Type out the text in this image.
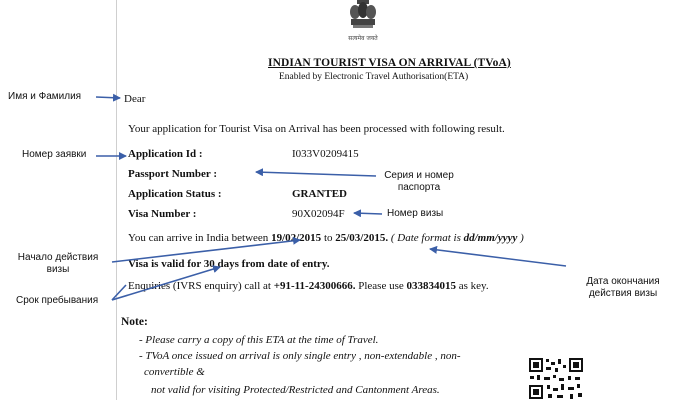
सत्यमेव जयते
INDIAN TOURIST VISA ON ARRIVAL (TVoA)
Enabled by Electronic Travel Authorisation(ETA)
Dear
Your application for Tourist Visa on Arrival has been processed with following result.
Application Id :	I033V0209415
Passport Number :
Application Status :	GRANTED
Visa Number :	90X02094F
You can arrive in India between 19/02/2015 to 25/03/2015. ( Date format is dd/mm/yyyy )
Visa is valid for 30 days from date of entry.
Enquiries (IVRS enquiry) call at +91-11-24300666. Please use 033834015 as key.
Note:
- Please carry a copy of this ETA at the time of Travel.
- TVoA once issued on arrival is only single entry , non-extendable , non-
convertible &
not valid for visiting Protected/Restricted and Cantonment Areas.
Имя и Фамилия
Номер заявки
Серия и номер
паспорта
Номер визы
Начало действия
визы
Срок пребывания
Дата окончания
действия визы
